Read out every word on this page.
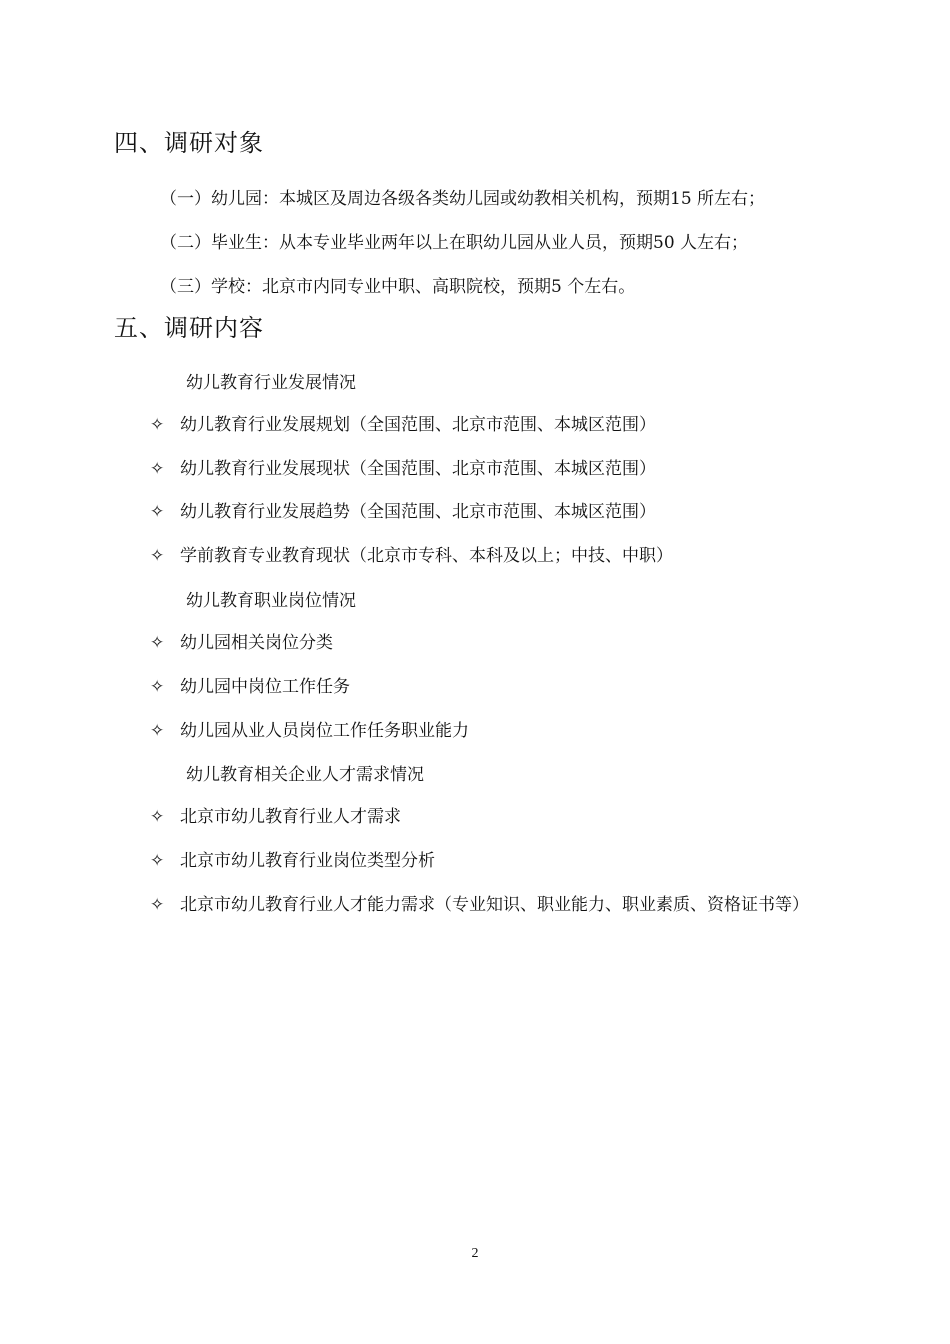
四、调研对象
（一）幼儿园：本城区及周边各级各类幼儿园或幼教相关机构，预期15 所左右；
（二）毕业生：从本专业毕业两年以上在职幼儿园从业人员，预期50 人左右；
（三）学校：北京市内同专业中职、高职院校，预期5 个左右。
五、调研内容
幼儿教育行业发展情况
✧ 幼儿教育行业发展规划（全国范围、北京市范围、本城区范围）
✧ 幼儿教育行业发展现状（全国范围、北京市范围、本城区范围）
✧ 幼儿教育行业发展趋势（全国范围、北京市范围、本城区范围）
✧ 学前教育专业教育现状（北京市专科、本科及以上；中技、中职）
幼儿教育职业岗位情况
✧ 幼儿园相关岗位分类
✧ 幼儿园中岗位工作任务
✧ 幼儿园从业人员岗位工作任务职业能力
幼儿教育相关企业人才需求情况
✧ 北京市幼儿教育行业人才需求
✧ 北京市幼儿教育行业岗位类型分析
✧ 北京市幼儿教育行业人才能力需求（专业知识、职业能力、职业素质、资格证书等）
2
